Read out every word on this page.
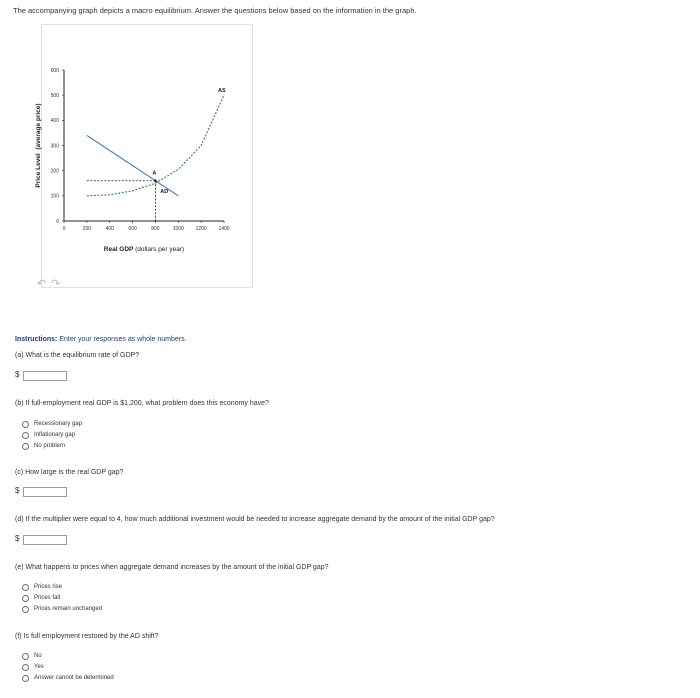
The accompanying graph depicts a macro equilibrium. Answer the questions below based on the information in the graph.
0	200	400	600	800	1000 1200 1400
0
100
200
300
400
500
600
Price Level  (average price)
Real GDP (dollars per year)
AD
AS
A
↶ ↷
Instructions: Enter your responses as whole numbers.
(a) What is the equilibrium rate of GDP?
$
(b) If full-employment real GDP is $1,200, what problem does this economy have?
Recessionary gap
Inflationary gap
No problem
(c) How large is the real GDP gap?
$
(d) If the multiplier were equal to 4, how much additional investment would be needed to increase aggregate demand by the amount of the initial GDP gap?
$
(e) What happens to prices when aggregate demand increases by the amount of the initial GDP gap?
Prices rise
Prices fall
Prices remain unchanged
(f) Is full employment restored by the AD shift?
No
Yes
Answer cannot be determined
